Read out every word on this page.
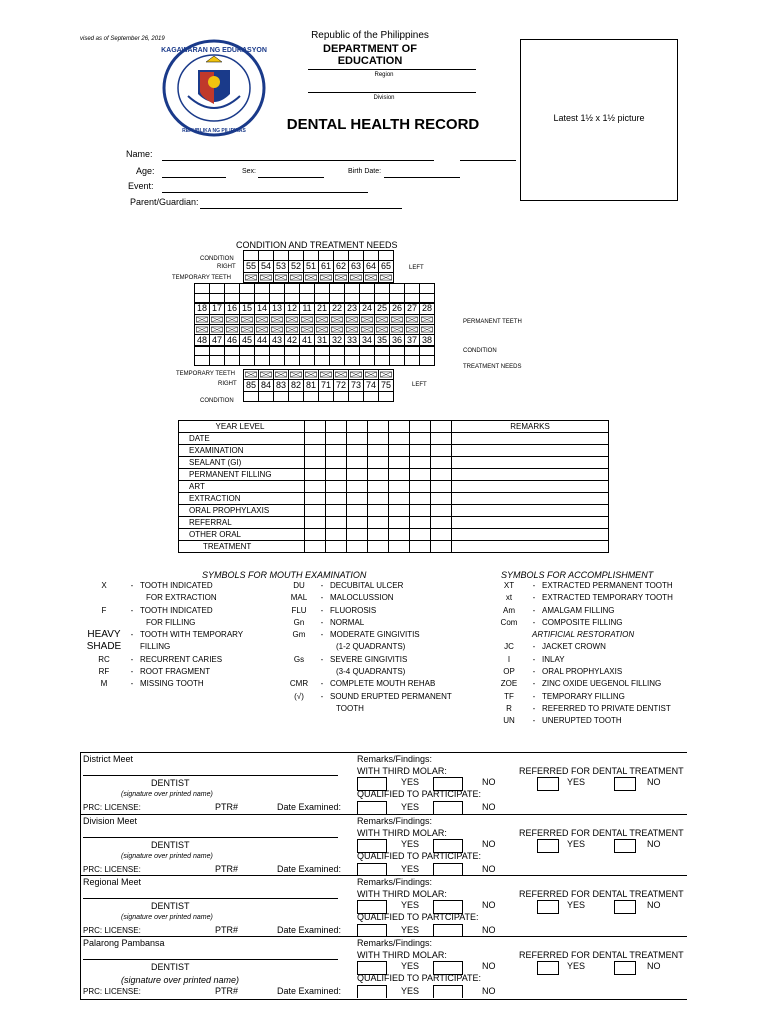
vised as of September 26, 2019
KAGAWARAN NG EDUKASYON
REPUBLIKA NG PILIPINAS
Republic of the Philippines
DEPARTMENT OF EDUCATION
Region
Division
DENTAL HEALTH RECORD	Latest 1½ x 1½ picture
Name:
Age:	Sex:	Birth Date:
Event:
Parent/Guardian:
CONDITION AND TREATMENT NEEDS
CONDITION
RIGHT
TEMPORARY TEETH
LEFT

55	54	53	52	51	61	62	63	64	65

18	17	16	15	14	13	12	11	21	22	23	24	25	26	27	28

48	47	46	45	44	43	42	41	31	32	33	34	35	36	37	38
PERMANENT TEETH
CONDITION
TREATMENT NEEDS

TEMPORARY TEETH
RIGHT	LEFT
CONDITION

85	84	83	82	81	71	72	73	74	75

YEAR LEVEL								REMARKS
DATE								
EXAMINATION								
SEALANT (GI)								
PERMANENT FILLING								
ART								
EXTRACTION								
ORAL PROPHYLAXIS								
REFERRAL								
OTHER ORAL								
TREATMENT								
SYMBOLS FOR MOUTH EXAMINATION	SYMBOLS FOR ACCOMPLISHMENT
X	- TOOTH INDICATED
FOR EXTRACTION
F	- TOOTH INDICATED
FOR FILLING
HEAVY - TOOTH WITH TEMPORARY
SHADE FILLING
RC	- RECURRENT CARIES
RF	- ROOT FRAGMENT
M	- MISSING TOOTH
DU - DECUBITAL ULCER
MAL - MALOCLUSSION
FLU - FLUOROSIS
Gn - NORMAL
Gm - MODERATE GINGIVITIS
(1-2 QUADRANTS)
Gs - SEVERE GINGIVITIS
(3-4 QUADRANTS)
CMR - COMPLETE MOUTH REHAB
(√) - SOUND ERUPTED PERMANENT
TOOTH
XT - EXTRACTED PERMANENT TOOTH
xt	- EXTRACTED TEMPORARY TOOTH
Am - AMALGAM FILLING
Com - COMPOSITE FILLING
ARTIFICIAL RESTORATION
JC - JACKET CROWN
I	- INLAY
OP - ORAL PROPHYLAXIS
ZOE - ZINC OXIDE UEGENOL FILLING
TF - TEMPORARY FILLING
R	- REFERRED TO PRIVATE DENTIST
UN - UNERUPTED TOOTH
District Meet
DENTIST
(signature over printed name)
PRC: LICENSE:	PTR#	Date Examined:
Remarks/Findings:
WITH THIRD MOLAR:
YES	NO
QUALIFIED TO PARTICIPATE:
YES	NO
REFERRED FOR DENTAL TREATMENT
YES	NO
Division Meet
DENTIST
(signature over printed name)
PRC: LICENSE:	PTR#	Date Examined:
Remarks/Findings:
WITH THIRD MOLAR:
YES	NO
QUALIFIED TO PARTICIPATE:
YES	NO
REFERRED FOR DENTAL TREATMENT
YES	NO
Regional Meet
DENTIST
(signature over printed name)
PRC: LICENSE:	PTR#	Date Examined:
Remarks/Findings:
WITH THIRD MOLAR:
YES	NO
QUALIFIED TO PARTCIPATE:
YES	NO
REFERRED FOR DENTAL TREATMENT
YES	NO
Palarong Pambansa
DENTIST
(signature over printed name)
PRC: LICENSE:	PTR#	Date Examined:
Remarks/Findings:
WITH THIRD MOLAR:
YES	NO
QUALIFIED TO PARTICIPATE:
YES	NO
REFERRED FOR DENTAL TREATMENT
YES	NO
